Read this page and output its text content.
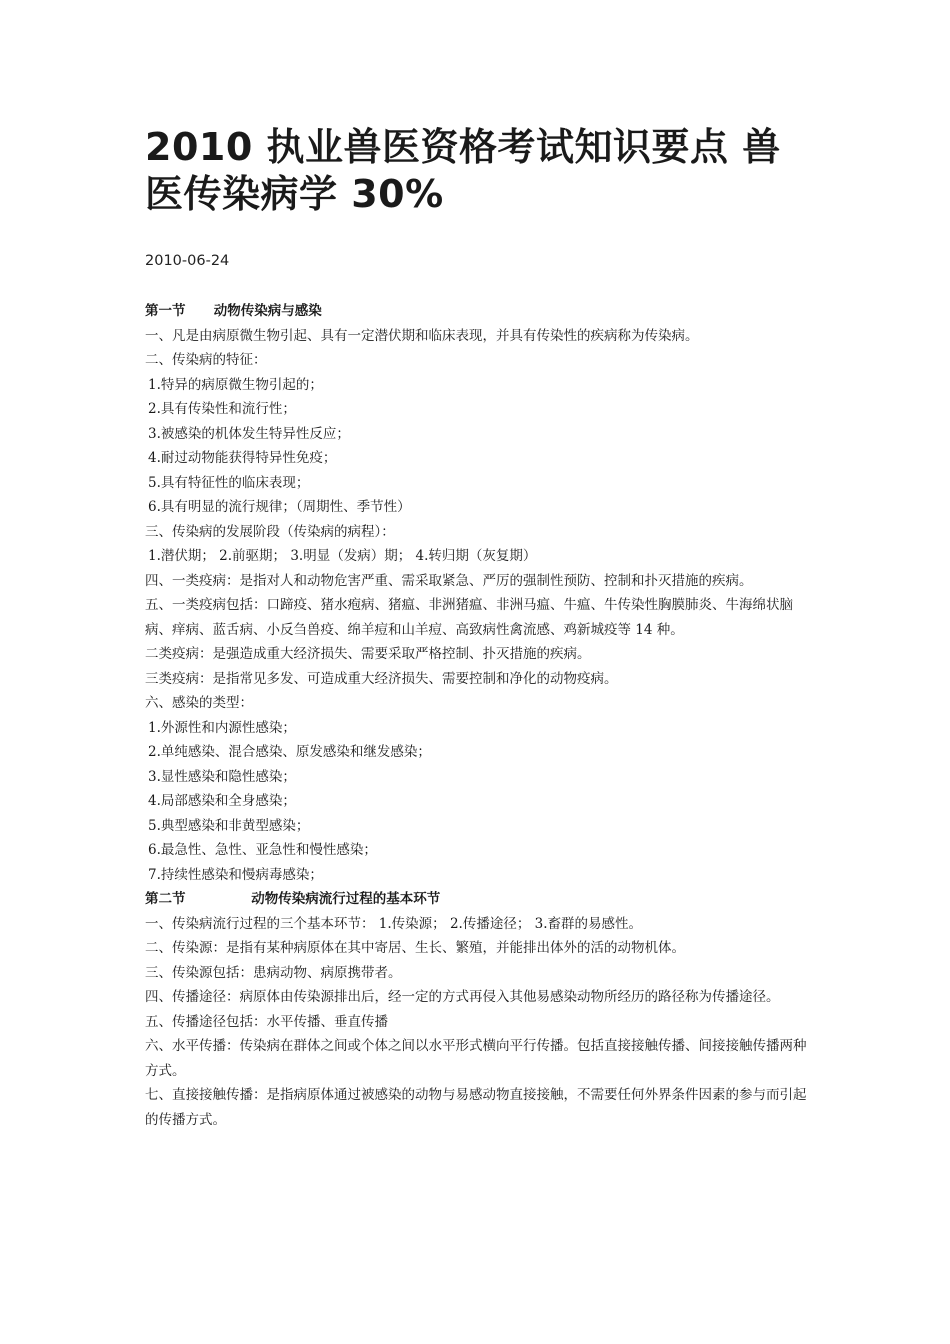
2010 执业兽医资格考试知识要点 兽医传染病学 30%
2010-06-24

第一节      动物传染病与感染

一、凡是由病原微生物引起、具有一定潜伏期和临床表现，并具有传染性的疾病称为传染病。

二、传染病的特征：

1.特异的病原微生物引起的；

2.具有传染性和流行性；

3.被感染的机体发生特异性反应；

4.耐过动物能获得特异性免疫；

5.具有特征性的临床表现；

6.具有明显的流行规律；（周期性、季节性）

三、传染病的发展阶段（传染病的病程）：

1.潜伏期； 2.前驱期； 3.明显（发病）期； 4.转归期（灰复期）

四、一类疫病：是指对人和动物危害严重、需采取紧急、严厉的强制性预防、控制和扑灭措施的疾病。

五、一类疫病包括：口蹄疫、猪水疱病、猪瘟、非洲猪瘟、非洲马瘟、牛瘟、牛传染性胸膜肺炎、牛海绵状脑病、痒病、蓝舌病、小反刍兽疫、绵羊痘和山羊痘、高致病性禽流感、鸡新城疫等 14 种。

二类疫病：是强造成重大经济损失、需要采取严格控制、扑灭措施的疾病。

三类疫病：是指常见多发、可造成重大经济损失、需要控制和净化的动物疫病。

六、感染的类型：

1.外源性和内源性感染；

2.单纯感染、混合感染、原发感染和继发感染；

3.显性感染和隐性感染；

4.局部感染和全身感染；

5.典型感染和非黄型感染；

6.最急性、急性、亚急性和慢性感染；

7.持续性感染和慢病毒感染；

第二节              动物传染病流行过程的基本环节

一、传染病流行过程的三个基本环节： 1.传染源； 2.传播途径； 3.畜群的易感性。

二、传染源：是指有某种病原体在其中寄居、生长、繁殖，并能排出体外的活的动物机体。

三、传染源包括：患病动物、病原携带者。

四、传播途径：病原体由传染源排出后，经一定的方式再侵入其他易感染动物所经历的路径称为传播途径。

五、传播途径包括：水平传播、垂直传播

六、水平传播：传染病在群体之间或个体之间以水平形式横向平行传播。包括直接接触传播、间接接触传播两种方式。

七、直接接触传播：是指病原体通过被感染的动物与易感动物直接接触，不需要任何外界条件因素的参与而引起的传播方式。
